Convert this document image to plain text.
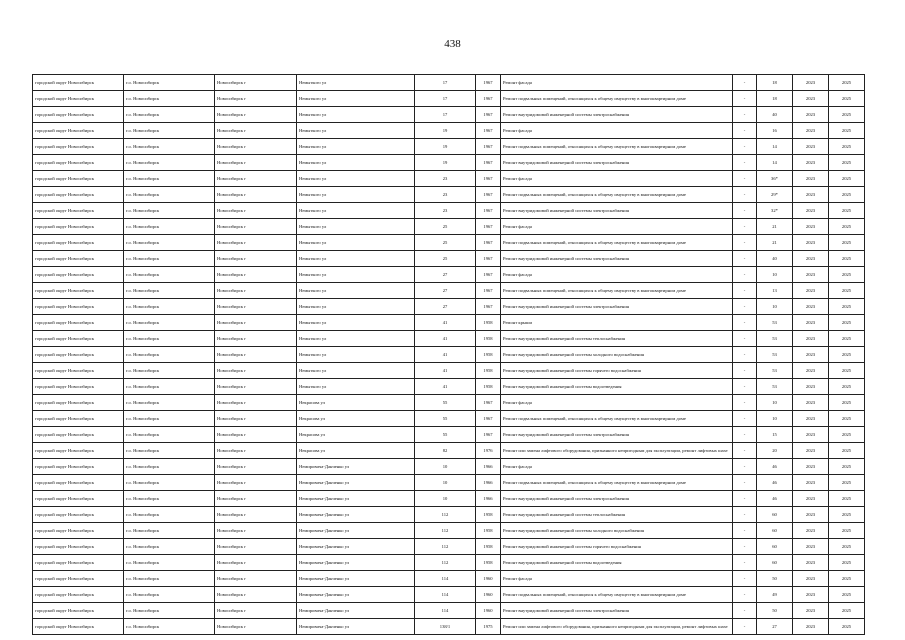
438
городской округ Новосибирск	г.о. Новосибирск	Новосибирск г	Немыткого ул	17	1967	Ремонт фасада	-	18	2023	2025
городской округ Новосибирск	г.о. Новосибирск	Новосибирск г	Немыткого ул	17	1967	Ремонт подвальных помещений, относящихся к общему имуществу в многоквартирном доме	-	18	2023	2025
городской округ Новосибирск	г.о. Новосибирск	Новосибирск г	Немыткого ул	17	1967	Ремонт внутридомовой инженерной системы электроснабжения	-	40	2023	2025
городской округ Новосибирск	г.о. Новосибирск	Новосибирск г	Немыткого ул	19	1967	Ремонт фасада	-	16	2023	2025
городской округ Новосибирск	г.о. Новосибирск	Новосибирск г	Немыткого ул	19	1967	Ремонт подвальных помещений, относящихся к общему имуществу в многоквартирном доме	-	14	2023	2025
городской округ Новосибирск	г.о. Новосибирск	Новосибирск г	Немыткого ул	19	1967	Ремонт внутридомовой инженерной системы электроснабжения	-	14	2023	2025
городской округ Новосибирск	г.о. Новосибирск	Новосибирск г	Немыткого ул	23	1967	Ремонт фасада	-	36*	2023	2025
городской округ Новосибирск	г.о. Новосибирск	Новосибирск г	Немыткого ул	23	1967	Ремонт подвальных помещений, относящихся к общему имуществу в многоквартирном доме	-	29*	2023	2025
городской округ Новосибирск	г.о. Новосибирск	Новосибирск г	Немыткого ул	23	1967	Ремонт внутридомовой инженерной системы электроснабжения	-	32*	2023	2025
городской округ Новосибирск	г.о. Новосибирск	Новосибирск г	Немыткого ул	25	1967	Ремонт фасада	-	21	2023	2025
городской округ Новосибирск	г.о. Новосибирск	Новосибирск г	Немыткого ул	25	1967	Ремонт подвальных помещений, относящихся к общему имуществу в многоквартирном доме	-	21	2023	2025
городской округ Новосибирск	г.о. Новосибирск	Новосибирск г	Немыткого ул	25	1967	Ремонт внутридомовой инженерной системы электроснабжения	-	40	2023	2025
городской округ Новосибирск	г.о. Новосибирск	Новосибирск г	Немыткого ул	27	1967	Ремонт фасада	-	10	2023	2025
городской округ Новосибирск	г.о. Новосибирск	Новосибирск г	Немыткого ул	27	1967	Ремонт подвальных помещений, относящихся к общему имуществу в многоквартирном доме	-	13	2023	2025
городской округ Новосибирск	г.о. Новосибирск	Новосибирск г	Немыткого ул	27	1967	Ремонт внутридомовой инженерной системы электроснабжения	-	10	2023	2025
городской округ Новосибирск	г.о. Новосибирск	Новосибирск г	Немыткого ул	41	1958	Ремонт крыши	-	53	2023	2025
городской округ Новосибирск	г.о. Новосибирск	Новосибирск г	Немыткого ул	41	1958	Ремонт внутридомовой инженерной системы теплоснабжения	-	53	2023	2025
городской округ Новосибирск	г.о. Новосибирск	Новосибирск г	Немыткого ул	41	1958	Ремонт внутридомовой инженерной системы холодного водоснабжения	-	53	2023	2025
городской округ Новосибирск	г.о. Новосибирск	Новосибирск г	Немыткого ул	41	1958	Ремонт внутридомовой инженерной системы горячего водоснабжения	-	53	2023	2025
городской округ Новосибирск	г.о. Новосибирск	Новосибирск г	Немыткого ул	41	1958	Ремонт внутридомовой инженерной системы водоотведения	-	53	2023	2025
городской округ Новосибирск	г.о. Новосибирск	Новосибирск г	Некрасова ул	55	1967	Ремонт фасада	-	10	2023	2025
городской округ Новосибирск	г.о. Новосибирск	Новосибирск г	Некрасова ул	55	1967	Ремонт подвальных помещений, относящихся к общему имуществу в многоквартирном доме	-	10	2023	2025
городской округ Новосибирск	г.о. Новосибирск	Новосибирск г	Некрасова ул	55	1967	Ремонт внутридомовой инженерной системы электроснабжения	-	15	2023	2025
городской округ Новосибирск	г.о. Новосибирск	Новосибирск г	Некрасова ул	82	1976	Ремонт или замена лифтового оборудования, признанного непригодным для эксплуатации, ремонт лифтовых шахт	-	20	2023	2025
городской округ Новосибирск	г.о. Новосибирск	Новосибирск г	Немировича-Данченко ул	10	1966	Ремонт фасада	-	46	2023	2025
городской округ Новосибирск	г.о. Новосибирск	Новосибирск г	Немировича-Данченко ул	10	1966	Ремонт подвальных помещений, относящихся к общему имуществу в многоквартирном доме	-	46	2023	2025
городской округ Новосибирск	г.о. Новосибирск	Новосибирск г	Немировича-Данченко ул	10	1966	Ремонт внутридомовой инженерной системы электроснабжения	-	46	2023	2025
городской округ Новосибирск	г.о. Новосибирск	Новосибирск г	Немировича-Данченко ул	112	1958	Ремонт внутридомовой инженерной системы теплоснабжения	-	60	2023	2025
городской округ Новосибирск	г.о. Новосибирск	Новосибирск г	Немировича-Данченко ул	112	1958	Ремонт внутридомовой инженерной системы холодного водоснабжения	-	60	2023	2025
городской округ Новосибирск	г.о. Новосибирск	Новосибирск г	Немировича-Данченко ул	112	1958	Ремонт внутридомовой инженерной системы горячего водоснабжения	-	60	2023	2025
городской округ Новосибирск	г.о. Новосибирск	Новосибирск г	Немировича-Данченко ул	112	1958	Ремонт внутридомовой инженерной системы водоотведения	-	60	2023	2025
городской округ Новосибирск	г.о. Новосибирск	Новосибирск г	Немировича-Данченко ул	114	1960	Ремонт фасада	-	50	2023	2025
городской округ Новосибирск	г.о. Новосибирск	Новосибирск г	Немировича-Данченко ул	114	1960	Ремонт подвальных помещений, относящихся к общему имуществу в многоквартирном доме	-	49	2023	2025
городской округ Новосибирск	г.о. Новосибирск	Новосибирск г	Немировича-Данченко ул	114	1960	Ремонт внутридомовой инженерной системы электроснабжения	-	50	2023	2025
городской округ Новосибирск	г.о. Новосибирск	Новосибирск г	Немировича-Данченко ул	138/1	1975	Ремонт или замена лифтового оборудования, признанного непригодным для эксплуатации, ремонт лифтовых шахт	-	27	2023	2025
